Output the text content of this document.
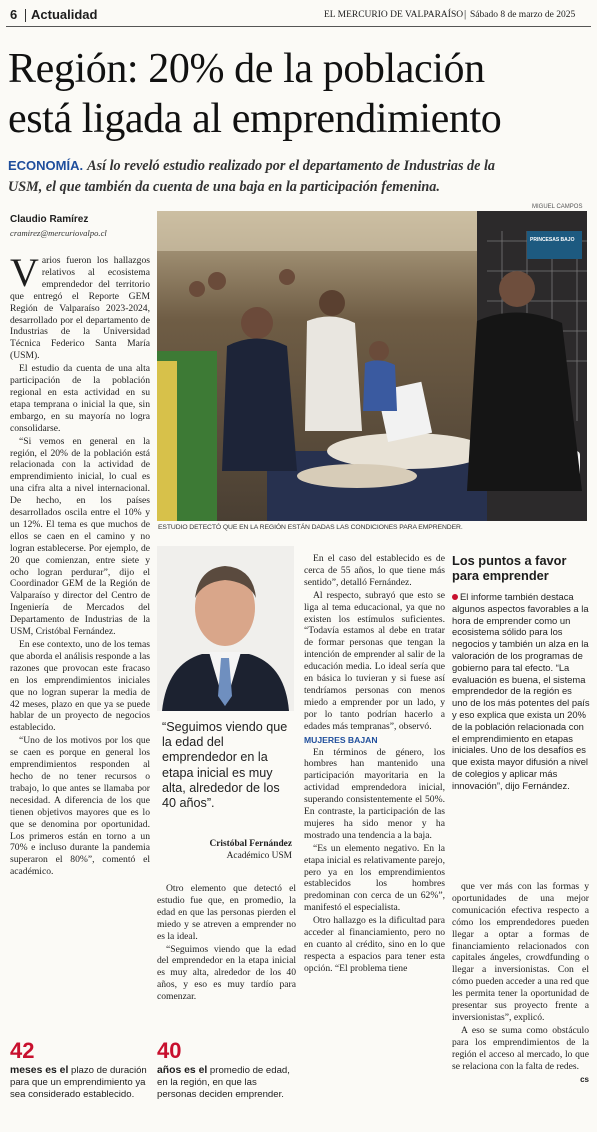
6 Actualidad	EL MERCURIO DE VALPARAÍSO | Sábado 8 de marzo de 2025
Región: 20% de la población
está ligada al emprendimiento
ECONOMÍA. Así lo reveló estudio realizado por el departamento de Industrias de la
USM, el que también da cuenta de una baja en la participación femenina.
Claudio Ramírez
cramirez@mercuriovalpo.cl
MIGUEL CAMPOS
PRINCESAS BAJO
ESTUDIO DETECTÓ QUE EN LA REGIÓN ESTÁN DADAS LAS CONDICIONES PARA EMPRENDER.

Varios fueron los hallazgos relativos al ecosistema emprendedor del territorio que entregó el Reporte GEM Región de Valparaíso 2023-2024, desarrollado por el departamento de Industrias de la Universidad Técnica Federico Santa María (USM).

El estudio da cuenta de una alta participación de la población regional en esta actividad en su etapa temprana o inicial la que, sin embargo, en su mayoría no logra consolidarse.

“Si vemos en general en la región, el 20% de la población está relacionada con la actividad de emprendimiento inicial, lo cual es una cifra alta a nivel internacional. De hecho, en los países desarrollados oscila entre el 10% y un 12%. El tema es que muchos de ellos se caen en el camino y no logran establecerse. Por ejemplo, de 20 que comienzan, entre siete y ocho logran perdurar”, dijo el Coordinador GEM de la Región de Valparaíso y director del Centro de Ingeniería de Mercados del Departamento de Industrias de la USM, Cristóbal Fernández.

En ese contexto, uno de los temas que aborda el análisis responde a las razones que provocan este fracaso en los emprendimientos iniciales que no logran superar la media de 42 meses, plazo en que ya se puede hablar de un proyecto de negocios establecido.

“Uno de los motivos por los que se caen es porque en general los emprendimientos responden al hecho de no tener recursos o trabajo, lo que antes se llamaba por necesidad. A diferencia de los que tienen objetivos mayores que es lo que se denomina por oportunidad. Los primeros están en torno a un 70% e incluso durante la pandemia superaron el 80%”, comentó el académico.

“Seguimos viendo que la edad del emprendedor en la etapa inicial es muy alta, alrededor de los 40 años”.
Cristóbal Fernández
Académico USM

Otro elemento que detectó el estudio fue que, en promedio, la edad en que las personas pierden el miedo y se atreven a emprender no es la ideal.

“Seguimos viendo que la edad del emprendedor en la etapa inicial es muy alta, alrededor de los 40 años, y eso es muy tardío para comenzar.

En el caso del establecido es de cerca de 55 años, lo que tiene más sentido”, detalló Fernández.

Al respecto, subrayó que esto se liga al tema educacional, ya que no existen los estímulos suficientes. “Todavía estamos al debe en tratar de formar personas que tengan la intención de emprender al salir de la educación media. Lo ideal sería que en básica lo tuvieran y si fuese así tendríamos personas con menos miedo a emprender por un lado, y por lo tanto podrían hacerlo a edades más tempranas”, observó.

MUJERES BAJAN

En términos de género, los hombres han mantenido una participación mayoritaria en la actividad emprendedora inicial, superando consistentemente el 50%. En contraste, la participación de las mujeres ha sido menor y ha mostrado una tendencia a la baja.

“Es un elemento negativo. En la etapa inicial es relativamente parejo, pero ya en los emprendimientos establecidos los hombres predominan con cerca de un 62%”, manifestó el especialista.

Otro hallazgo es la dificultad para acceder al financiamiento, pero no en cuanto al crédito, sino en lo que respecta a espacios para tener esta opción. “El problema tiene

Los puntos a favor
para emprender
El informe también destaca algunos aspectos favorables a la hora de emprender como un ecosistema sólido para los negocios y también un alza en la valoración de los programas de gobierno para tal efecto. “La evaluación es buena, el sistema emprendedor de la región es uno de los más potentes del país y eso explica que exista un 20% de la población relacionada con el emprendimiento en etapas iniciales. Uno de los desafíos es que exista mayor difusión a nivel de colegios y aplicar más innovación”, dijo Fernández.

que ver más con las formas y oportunidades de una mejor comunicación efectiva respecto a cómo los emprendedores pueden llegar a optar a formas de financiamiento relacionados con capitales ángeles, crowdfunding o llegar a inversionistas. Con el cómo pueden acceder a una red que les permita tener la oportunidad de presentar sus proyecto frente a inversionistas”, explicó.

A eso se suma como obstáculo para los emprendimientos de la región el acceso al mercado, lo que se relaciona con la falta de redes.

cs
42
meses es el plazo de duración para que un emprendimiento ya sea considerado establecido.
40
años es el promedio de edad, en la región, en que las personas deciden emprender.
